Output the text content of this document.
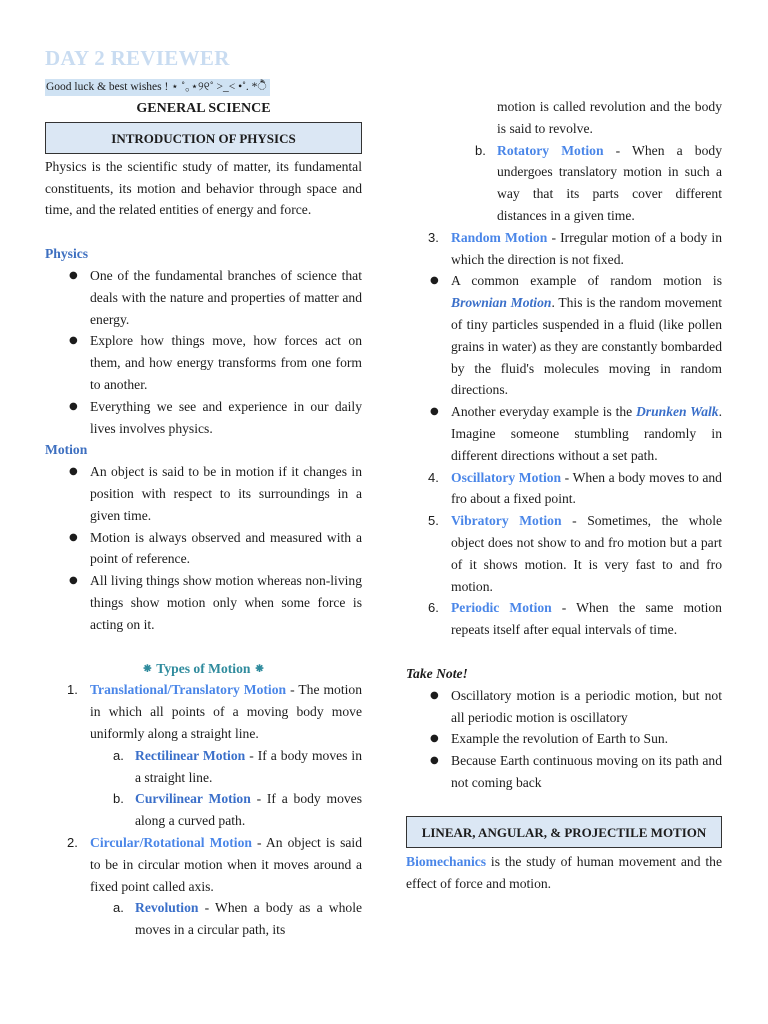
DAY 2 REVIEWER
Good luck & best wishes ! ⋆ ˚｡⋆୨୧˚ >_< •˚. *ੈ
GENERAL SCIENCE
INTRODUCTION OF PHYSICS

Physics is the scientific study of matter, its fundamental constituents, its motion and behavior through space and time, and the related entities of energy and force.

Physics
● One of the fundamental branches of science that deals with the nature and properties of matter and energy.
● Explore how things move, how forces act on them, and how energy transforms from one form to another.
● Everything we see and experience in our daily lives involves physics.
Motion
● An object is said to be in motion if it changes in position with respect to its surroundings in a given time.
● Motion is always observed and measured with a point of reference.
● All living things show motion whereas non-living things show motion only when some force is acting on it.
⁕ Types of Motion ⁕
1. Translational/Translatory Motion - The motion in which all points of a moving body move uniformly along a straight line.
a. Rectilinear Motion - If a body moves in a straight line.
b. Curvilinear Motion - If a body moves along a curved path.
2. Circular/Rotational Motion - An object is said to be in circular motion when it moves around a fixed point called axis.
a. Revolution - When a body as a whole moves in a circular path, its

motion is called revolution and the body is said to revolve.

b. Rotatory Motion - When a body undergoes translatory motion in such a way that its parts cover different distances in a given time.
3. Random Motion - Irregular motion of a body in which the direction is not fixed.
● A common example of random motion is Brownian Motion. This is the random movement of tiny particles suspended in a fluid (like pollen grains in water) as they are constantly bombarded by the fluid's molecules moving in random directions.
● Another everyday example is the Drunken Walk. Imagine someone stumbling randomly in different directions without a set path.
4. Oscillatory Motion - When a body moves to and fro about a fixed point.
5. Vibratory Motion - Sometimes, the whole object does not show to and fro motion but a part of it shows motion. It is very fast to and fro motion.
6. Periodic Motion - When the same motion repeats itself after equal intervals of time.
Take Note!
● Oscillatory motion is a periodic motion, but not all periodic motion is oscillatory
● Example the revolution of Earth to Sun.
● Because Earth continuous moving on its path and not coming back
LINEAR, ANGULAR, & PROJECTILE MOTION

Biomechanics is the study of human movement and the effect of force and motion.
